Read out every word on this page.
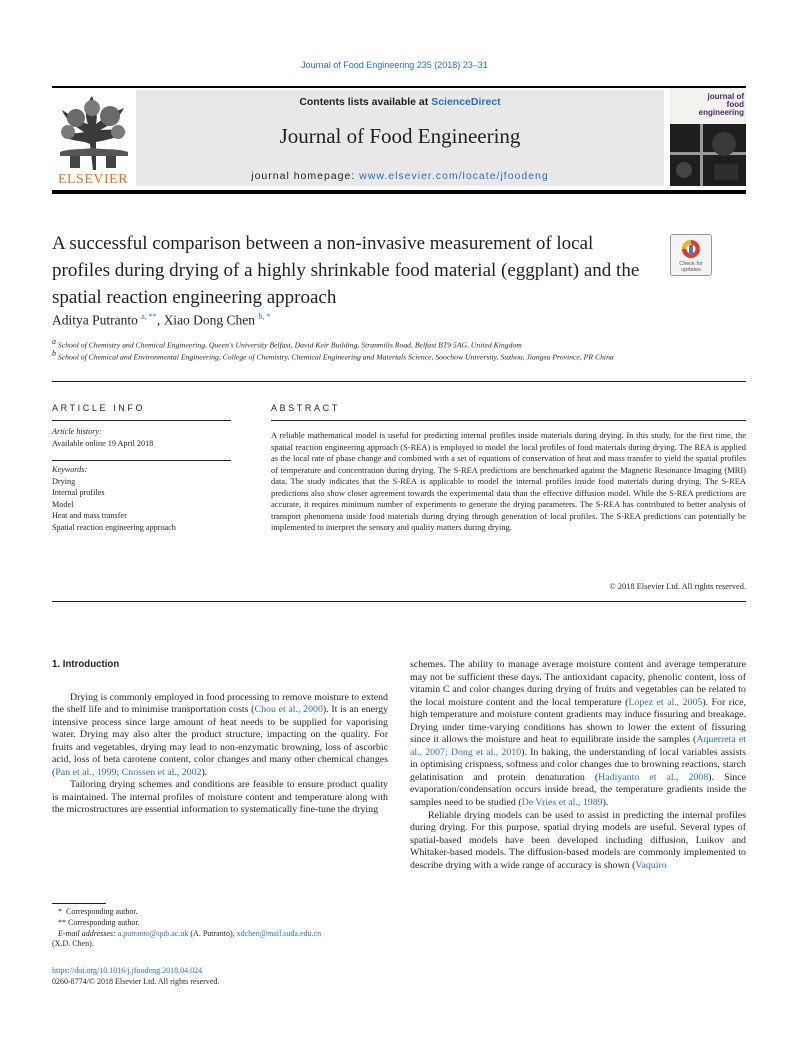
Journal of Food Engineering 235 (2018) 23–31
ELSEVIER
Contents lists available at ScienceDirect
Journal of Food Engineering
journal homepage: www.elsevier.com/locate/jfoodeng
journal of
food engineering
A successful comparison between a non-invasive measurement of local profiles during drying of a highly shrinkable food material (eggplant) and the spatial reaction engineering approach
Check for
updates
Aditya Putranto $^{a, **}$, Xiao Dong Chen $^{b, *}$
$^a$ School of Chemistry and Chemical Engineering, Queen's University Belfast, David Keir Building, Stranmilis Road, Belfast BT9 5AG, United Kingdom
$^b$ School of Chemical and Environmental Engineering, College of Chemistry, Chemical Engineering and Materials Science, Soochow University, Suzhou, Jiangsu Province, PR China
ARTICLE INFO	ABSTRACT
Article history:
Available online 19 April 2018
Keywords:
Drying
Internal profiles
Model
Heat and mass transfer
Spatial reaction engineering approach
A reliable mathematical model is useful for predicting internal profiles inside materials during drying. In this study, for the first time, the spatial reaction engineering approach (S-REA) is employed to model the local profiles of food materials during drying. The REA is applied as the local rate of phase change and combined with a set of equations of conservation of heat and mass transfer to yield the spatial profiles of temperature and concentration during drying. The S-REA predictions are benchmarked against the Magnetic Resonance Imaging (MRI) data. The study indicates that the S-REA is applicable to model the internal profiles inside food materials during drying. The S-REA predictions also show closer agreement towards the experimental data than the effective diffusion model. While the S-REA predictions are accurate, it requires minimum number of experiments to generate the drying parameters. The S-REA has contributed to better analysis of transport phenomena inside food materials during drying through generation of local profiles. The S-REA predictions can potentially be implemented to interpret the sensory and quality matters during drying.
© 2018 Elsevier Ltd. All rights reserved.
1. Introduction

Drying is commonly employed in food processing to remove moisture to extend the shelf life and to minimise transportation costs (Chou et al., 2000). It is an energy intensive process since large amount of heat needs to be supplied for vaporising water. Drying may also alter the product structure, impacting on the quality. For fruits and vegetables, drying may lead to non-enzymatic browning, loss of ascorbic acid, loss of beta carotene content, color changes and many other chemical changes (Pan et al., 1999; Cnossen et al., 2002).

Tailoring drying schemes and conditions are feasible to ensure product quality is maintained. The internal profiles of moisture content and temperature along with the microstructures are essential information to systematically fine-tune the drying

schemes. The ability to manage average moisture content and average temperature may not be sufficient these days. The antioxidant capacity, phenolic content, loss of vitamin C and color changes during drying of fruits and vegetables can be related to the local moisture content and the local temperature (Lopez et al., 2005). For rice, high temperature and moisture content gradients may induce fissuring and breakage. Drying under time-varying conditions has shown to lower the extent of fissuring since it allows the moisture and heat to equilibrate inside the samples (Aquerreta et al., 2007; Dong et al., 2010). In baking, the understanding of local variables assists in optimising crispness, softness and color changes due to browning reactions, starch gelatinisation and protein denaturation (Hadiyanto et al., 2008). Since evaporation/condensation occurs inside bread, the temperature gradients inside the samples need to be studied (De Vries et al., 1989).

Reliable drying models can be used to assist in predicting the internal profiles during drying. For this purpose, spatial drying models are useful. Several types of spatial-based models have been developed including diffusion, Luikov and Whitaker-based models. The diffusion-based models are commonly implemented to describe drying with a wide range of accuracy is shown (Vaquiro

* Corresponding author.
** Corresponding author.
E-mail addresses: a.putranto@qub.ac.uk (A. Putranto), xdchen@mail.suda.edu.cn
(X.D. Chen).
https://doi.org/10.1016/j.jfoodeng.2018.04.024
0260-8774/© 2018 Elsevier Ltd. All rights reserved.
